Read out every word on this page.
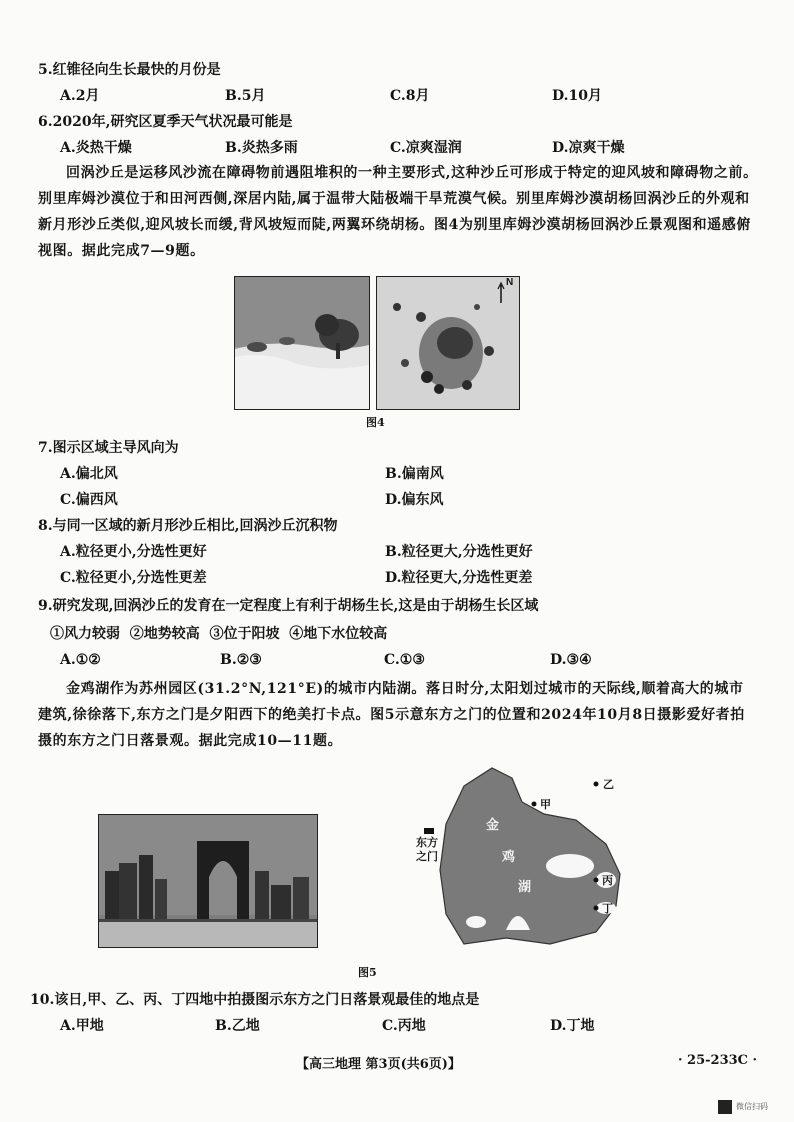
5.红锥径向生长最快的月份是
A.2月	B.5月	C.8月	D.10月
6.2020年,研究区夏季天气状况最可能是
A.炎热干燥	B.炎热多雨	C.凉爽湿润	D.凉爽干燥
回涡沙丘是运移风沙流在障碍物前遇阻堆积的一种主要形式,这种沙丘可形成于特定的迎风坡和障碍物之前。别里库姆沙漠位于和田河西侧,深居内陆,属于温带大陆极端干旱荒漠气候。别里库姆沙漠胡杨回涡沙丘的外观和新月形沙丘类似,迎风坡长而缓,背风坡短而陡,两翼环绕胡杨。图4为别里库姆沙漠胡杨回涡沙丘景观图和遥感俯视图。据此完成7—9题。
N
图4
7.图示区域主导风向为
A.偏北风	B.偏南风
C.偏西风	D.偏东风
8.与同一区域的新月形沙丘相比,回涡沙丘沉积物
A.粒径更小,分选性更好	B.粒径更大,分选性更好
C.粒径更小,分选性更差	D.粒径更大,分选性更差
9.研究发现,回涡沙丘的发育在一定程度上有利于胡杨生长,这是由于胡杨生长区域
①风力较弱  ②地势较高  ③位于阳坡  ④地下水位较高
A.①②	B.②③	C.①③	D.③④
金鸡湖作为苏州园区(31.2°N,121°E)的城市内陆湖。落日时分,太阳划过城市的天际线,顺着高大的城市建筑,徐徐落下,东方之门是夕阳西下的绝美打卡点。图5示意东方之门的位置和2024年10月8日摄影爱好者拍摄的东方之门日落景观。据此完成10—11题。
金
鸡
湖
东方
之门
甲
乙
丙
丁
图5
10.该日,甲、乙、丙、丁四地中拍摄图示东方之门日落景观最佳的地点是
A.甲地	B.乙地	C.丙地	D.丁地
【高三地理 第3页(共6页)】	· 25-233C ·
微信扫码
